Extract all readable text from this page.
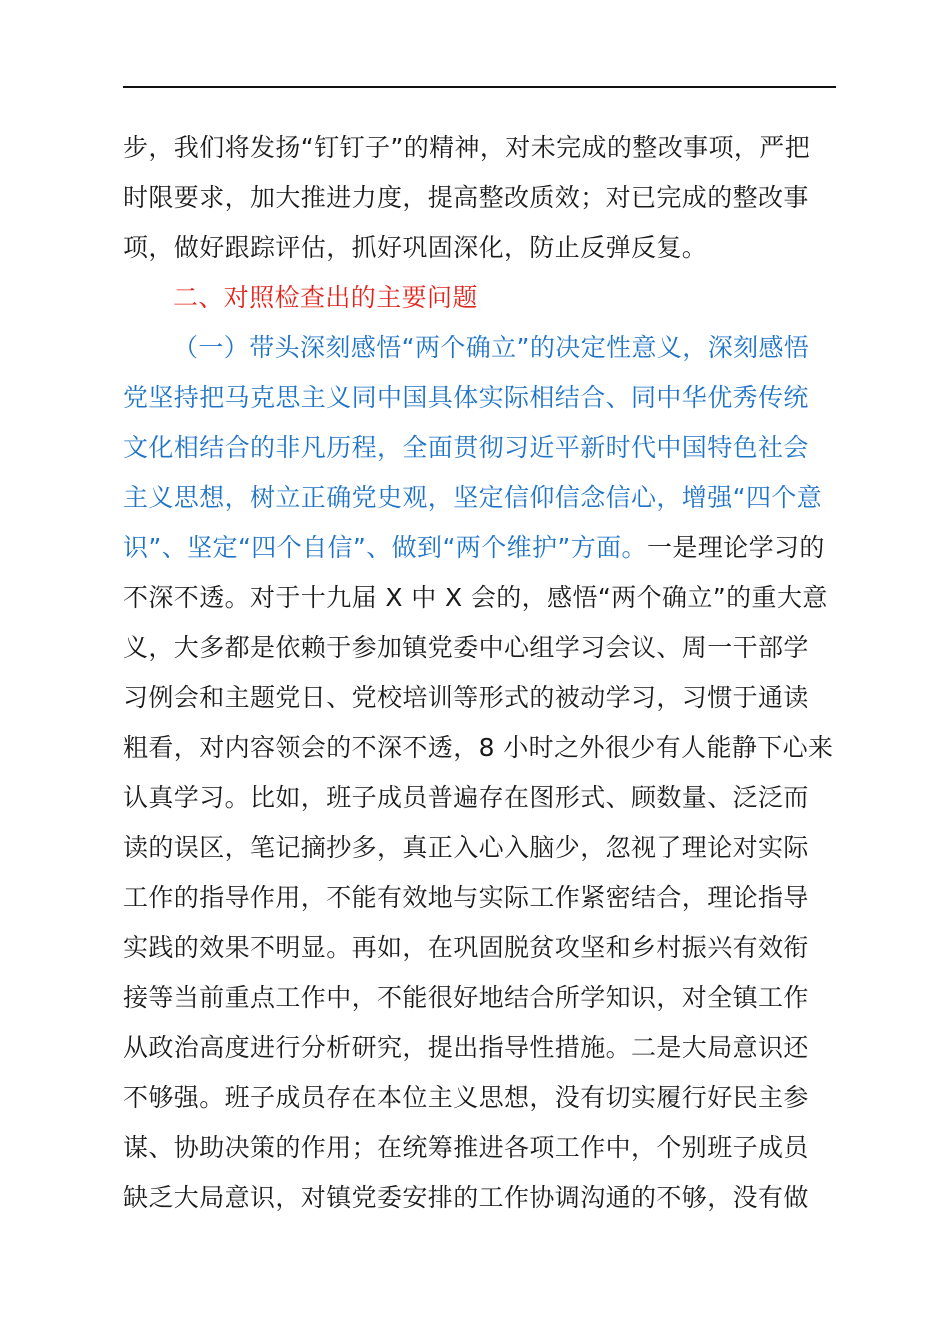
步，我们将发扬“钉钉子”的精神，对未完成的整改事项，严把
时限要求，加大推进力度，提高整改质效；对已完成的整改事
项，做好跟踪评估，抓好巩固深化，防止反弹反复。
二、对照检查出的主要问题
（一）带头深刻感悟“两个确立”的决定性意义，深刻感悟
党坚持把马克思主义同中国具体实际相结合、同中华优秀传统
文化相结合的非凡历程，全面贯彻习近平新时代中国特色社会
主义思想，树立正确党史观，坚定信仰信念信心，增强“四个意
识”、坚定“四个自信”、做到“两个维护”方面。一是理论学习的
不深不透。对于十九届 X 中 X 会的，感悟“两个确立”的重大意
义，大多都是依赖于参加镇党委中心组学习会议、周一干部学
习例会和主题党日、党校培训等形式的被动学习，习惯于通读
粗看，对内容领会的不深不透，8 小时之外很少有人能静下心来
认真学习。比如，班子成员普遍存在图形式、顾数量、泛泛而
读的误区，笔记摘抄多，真正入心入脑少，忽视了理论对实际
工作的指导作用，不能有效地与实际工作紧密结合，理论指导
实践的效果不明显。再如，在巩固脱贫攻坚和乡村振兴有效衔
接等当前重点工作中，不能很好地结合所学知识，对全镇工作
从政治高度进行分析研究，提出指导性措施。二是大局意识还
不够强。班子成员存在本位主义思想，没有切实履行好民主参
谋、协助决策的作用；在统筹推进各项工作中，个别班子成员
缺乏大局意识，对镇党委安排的工作协调沟通的不够，没有做
